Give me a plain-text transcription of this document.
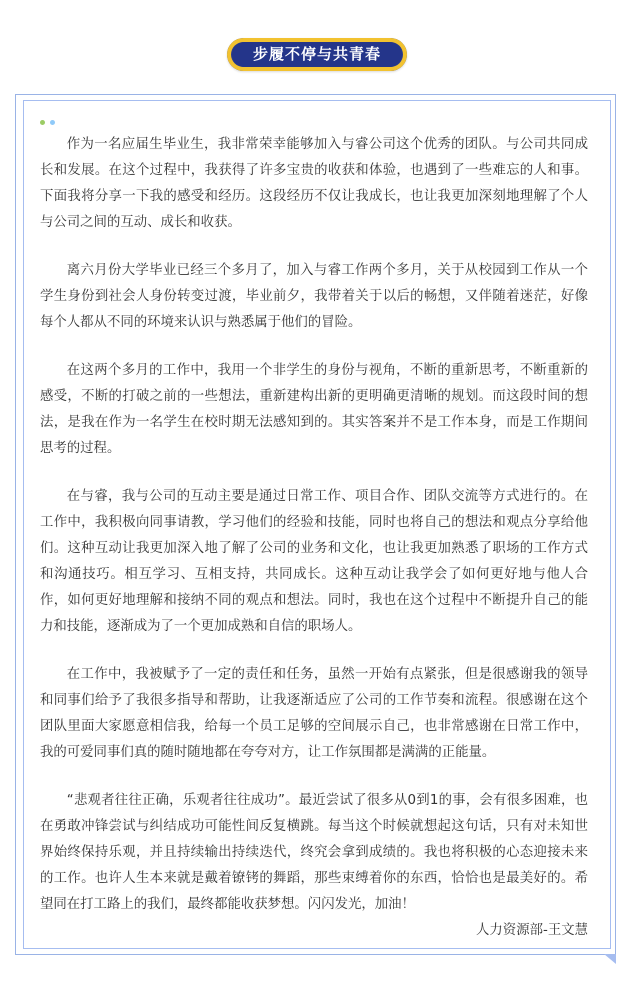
步履不停与共青春

作为一名应届生毕业生，我非常荣幸能够加入与睿公司这个优秀的团队。与公司共同成长和发展。在这个过程中，我获得了许多宝贵的收获和体验，也遇到了一些难忘的人和事。下面我将分享一下我的感受和经历。这段经历不仅让我成长，也让我更加深刻地理解了个人与公司之间的互动、成长和收获。

离六月份大学毕业已经三个多月了，加入与睿工作两个多月，关于从校园到工作从一个学生身份到社会人身份转变过渡，毕业前夕，我带着关于以后的畅想，又伴随着迷茫，好像每个人都从不同的环境来认识与熟悉属于他们的冒险。

在这两个多月的工作中，我用一个非学生的身份与视角，不断的重新思考，不断重新的感受，不断的打破之前的一些想法，重新建构出新的更明确更清晰的规划。而这段时间的想法，是我在作为一名学生在校时期无法感知到的。其实答案并不是工作本身，而是工作期间思考的过程。

在与睿，我与公司的互动主要是通过日常工作、项目合作、团队交流等方式进行的。在工作中，我积极向同事请教，学习他们的经验和技能，同时也将自己的想法和观点分享给他们。这种互动让我更加深入地了解了公司的业务和文化，也让我更加熟悉了职场的工作方式和沟通技巧。相互学习、互相支持，共同成长。这种互动让我学会了如何更好地与他人合作，如何更好地理解和接纳不同的观点和想法。同时，我也在这个过程中不断提升自己的能力和技能，逐渐成为了一个更加成熟和自信的职场人。

在工作中，我被赋予了一定的责任和任务，虽然一开始有点紧张，但是很感谢我的领导和同事们给予了我很多指导和帮助，让我逐渐适应了公司的工作节奏和流程。很感谢在这个团队里面大家愿意相信我，给每一个员工足够的空间展示自己，也非常感谢在日常工作中，我的可爱同事们真的随时随地都在夸夸对方，让工作氛围都是满满的正能量。

“悲观者往往正确，乐观者往往成功”。最近尝试了很多从0到1的事，会有很多困难，也在勇敢冲锋尝试与纠结成功可能性间反复横跳。每当这个时候就想起这句话，只有对未知世界始终保持乐观，并且持续输出持续迭代，终究会拿到成绩的。我也将积极的心态迎接未来的工作。也许人生本来就是戴着镣铐的舞蹈，那些束缚着你的东西，恰恰也是最美好的。希望同在打工路上的我们，最终都能收获梦想。闪闪发光，加油！

人力资源部-王文慧
